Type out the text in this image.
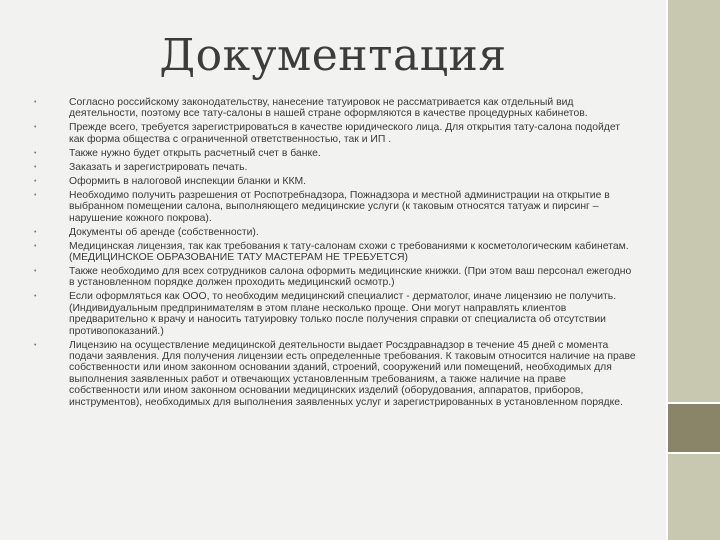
Документация
•	Согласно российскому законодательству, нанесение татуировок не рассматривается как отдельный вид деятельности, поэтому все тату-салоны в нашей стране оформляются в качестве процедурных кабинетов.
•	Прежде всего, требуется зарегистрироваться в качестве юридического лица. Для открытия тату-салона подойдет как форма общества с ограниченной ответственностью, так и ИП .
•	Также нужно будет открыть расчетный счет в банке.
•	Заказать и зарегистрировать печать.
•	Оформить в налоговой инспекции бланки и ККМ.
•	Необходимо получить разрешения от Роспотребнадзора, Пожнадзора и местной администрации на открытие в выбранном помещении салона, выполняющего медицинские услуги (к таковым относятся татуаж и пирсинг – нарушение кожного покрова).
•	Документы об аренде (собственности).
•	Медицинская лицензия, так как требования к тату-салонам схожи с требованиями к косметологическим кабинетам.(МЕДИЦИНСКОЕ ОБРАЗОВАНИЕ ТАТУ МАСТЕРАМ НЕ ТРЕБУЕТСЯ)
•	Также необходимо для всех сотрудников салона оформить медицинские книжки. (При этом ваш персонал ежегодно в установленном порядке должен проходить медицинский осмотр.)
•	Если оформляться как ООО, то необходим медицинский специалист - дерматолог, иначе лицензию не получить. (Индивидуальным предпринимателям в этом плане несколько проще. Они могут направлять клиентов предварительно к врачу и наносить татуировку только после получения справки от специалиста об отсутствии противопоказаний.)
•	Лицензию на осуществление медицинской деятельности выдает Росздравнадзор в течение 45 дней с момента подачи заявления. Для получения лицензии есть определенные требования. К таковым относится наличие на праве собственности или ином законном основании зданий, строений, сооружений или помещений, необходимых для выполнения заявленных работ и отвечающих установленным требованиям, а также наличие на праве собственности или ином законном основании медицинских изделий (оборудования, аппаратов, приборов, инструментов), необходимых для выполнения заявленных услуг и зарегистрированных в установленном порядке.
